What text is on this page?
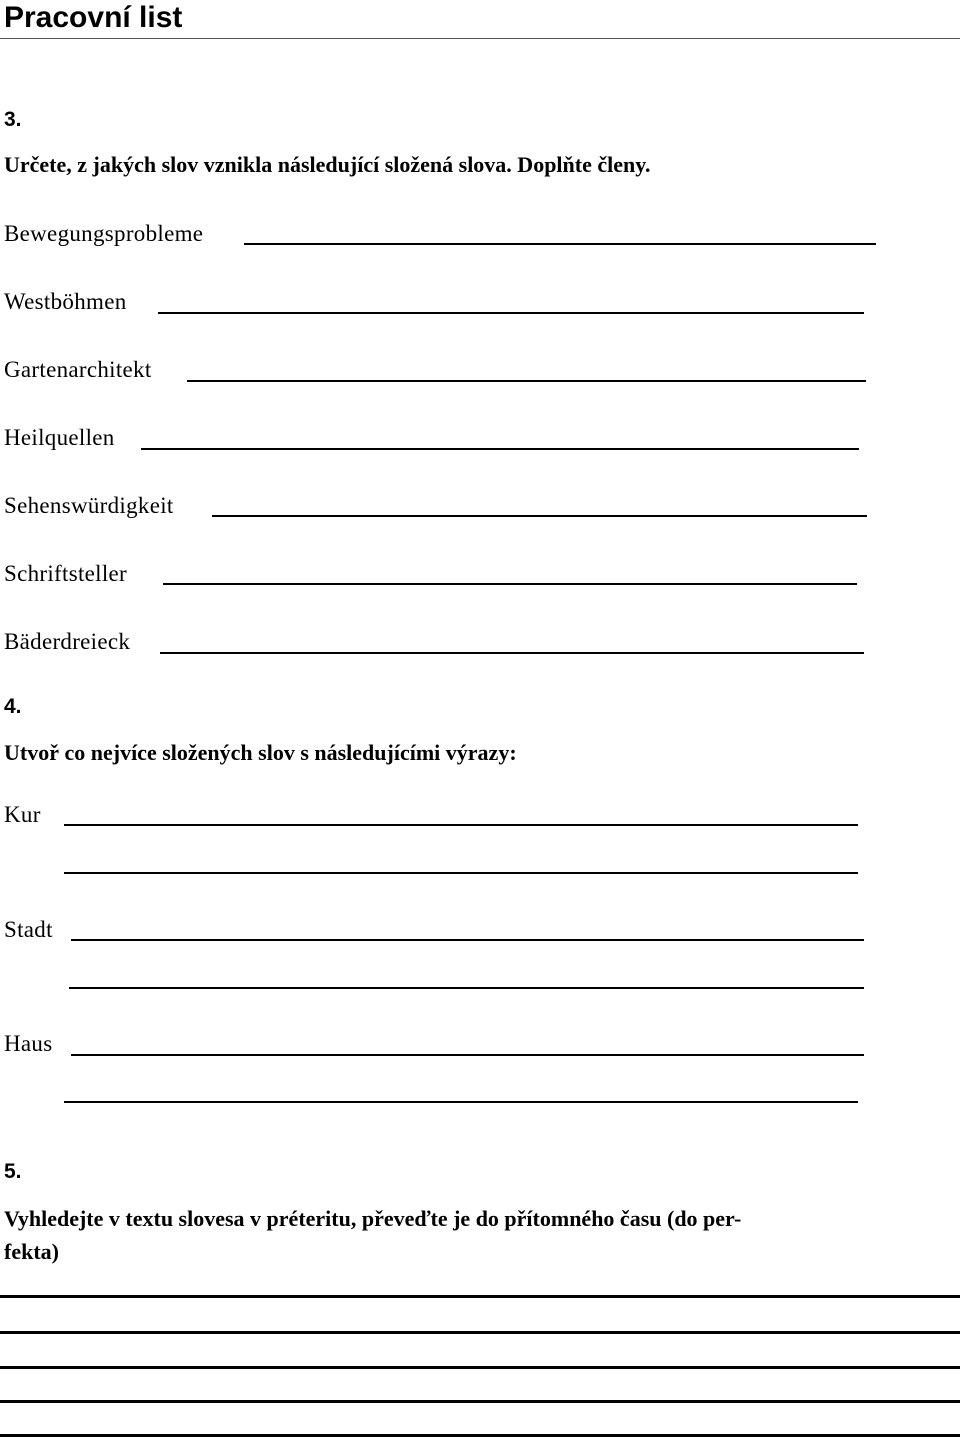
Pracovní list
3.
Určete, z jakých slov vznikla následující složená slova. Doplňte členy.
Bewegungsprobleme
Westböhmen
Gartenarchitekt
Heilquellen
Sehenswürdigkeit
Schriftsteller
Bäderdreieck
4.
Utvoř co nejvíce složených slov s následujícími výrazy:
Kur
Stadt
Haus
5.
Vyhledejte v textu slovesa v préteritu, převeďte je do přítomného času (do per-
fekta)
